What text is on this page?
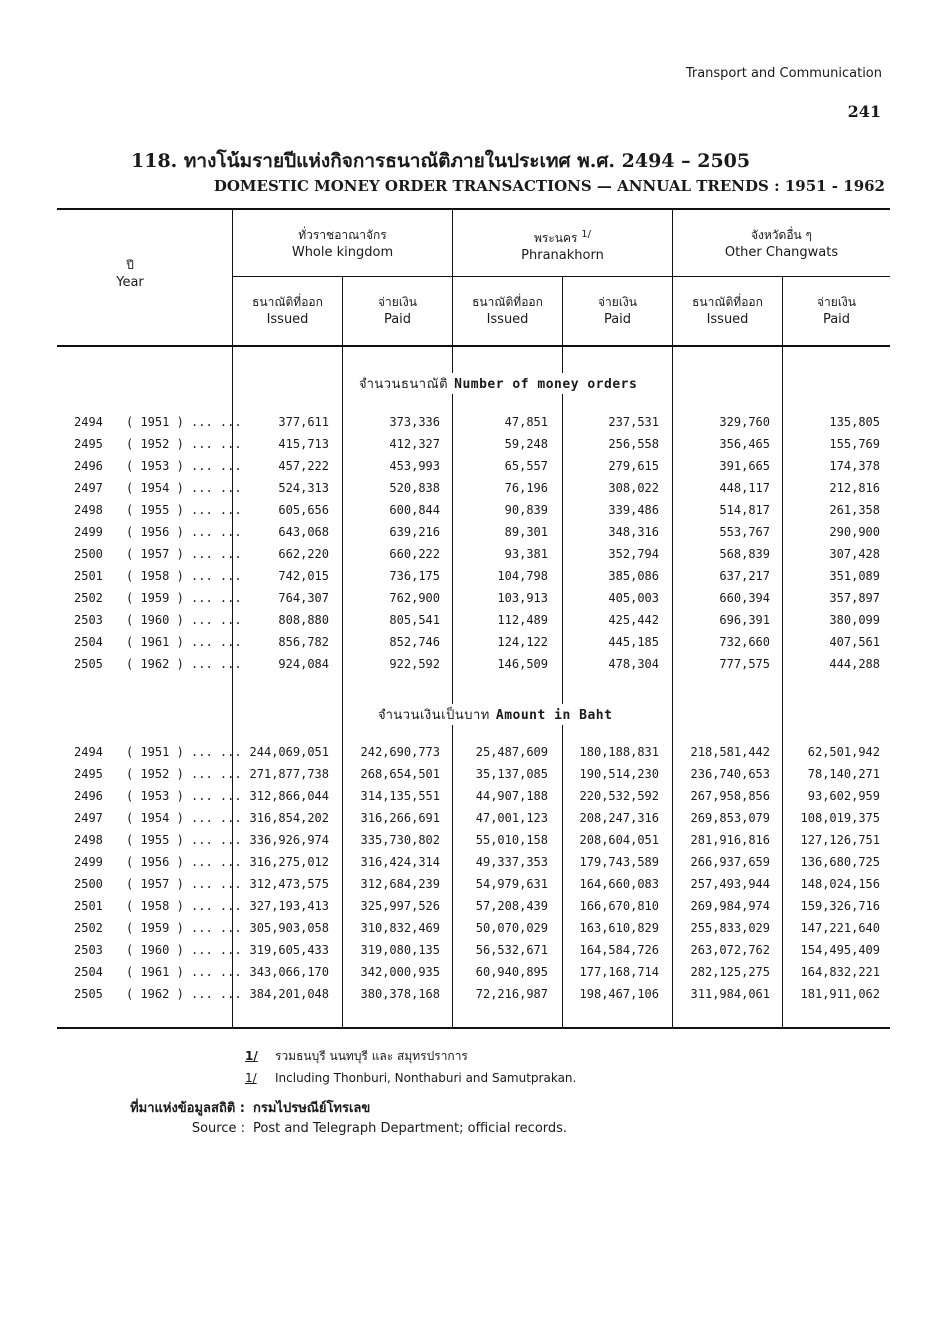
Transport and Communication
241
118. ทางโน้มรายปีแห่งกิจการธนาณัติภายในประเทศ พ.ศ. 2494 – 2505
DOMESTIC MONEY ORDER TRANSACTIONS — ANNUAL TRENDS : 1951 - 1962
ปี
Year
ทั่วราชอาณาจักร
Whole kingdom
พระนคร $^{1/}$
Phranakhorn
จังหวัดอื่น ๆ
Other Changwats
ธนาณัติที่ออก
Issued
จ่ายเงิน
Paid
ธนาณัติที่ออก
Issued
จ่ายเงิน
Paid
ธนาณัติที่ออก
Issued
จ่ายเงิน
Paid
จำนวนธนาณัติ Number of money orders
จำนวนเงินเป็นบาท Amount in Baht
2494 ( 1951 ) ... ...	377,611	373,336	47,851	237,531	329,760	135,805
2495 ( 1952 ) ... ...	415,713	412,327	59,248	256,558	356,465	155,769
2496 ( 1953 ) ... ...	457,222	453,993	65,557	279,615	391,665	174,378
2497 ( 1954 ) ... ...	524,313	520,838	76,196	308,022	448,117	212,816
2498 ( 1955 ) ... ...	605,656	600,844	90,839	339,486	514,817	261,358
2499 ( 1956 ) ... ...	643,068	639,216	89,301	348,316	553,767	290,900
2500 ( 1957 ) ... ...	662,220	660,222	93,381	352,794	568,839	307,428
2501 ( 1958 ) ... ...	742,015	736,175	104,798	385,086	637,217	351,089
2502 ( 1959 ) ... ...	764,307	762,900	103,913	405,003	660,394	357,897
2503 ( 1960 ) ... ...	808,880	805,541	112,489	425,442	696,391	380,099
2504 ( 1961 ) ... ...	856,782	852,746	124,122	445,185	732,660	407,561
2505 ( 1962 ) ... ...	924,084	922,592	146,509	478,304	777,575	444,288
2494 ( 1951 ) ... ... 244,069,051	242,690,773	25,487,609	180,188,831	218,581,442	62,501,942
2495 ( 1952 ) ... ... 271,877,738	268,654,501	35,137,085	190,514,230	236,740,653	78,140,271
2496 ( 1953 ) ... ... 312,866,044	314,135,551	44,907,188	220,532,592	267,958,856	93,602,959
2497 ( 1954 ) ... ... 316,854,202	316,266,691	47,001,123	208,247,316	269,853,079	108,019,375
2498 ( 1955 ) ... ... 336,926,974	335,730,802	55,010,158	208,604,051	281,916,816	127,126,751
2499 ( 1956 ) ... ... 316,275,012	316,424,314	49,337,353	179,743,589	266,937,659	136,680,725
2500 ( 1957 ) ... ... 312,473,575	312,684,239	54,979,631	164,660,083	257,493,944	148,024,156
2501 ( 1958 ) ... ... 327,193,413	325,997,526	57,208,439	166,670,810	269,984,974	159,326,716
2502 ( 1959 ) ... ... 305,903,058	310,832,469	50,070,029	163,610,829	255,833,029	147,221,640
2503 ( 1960 ) ... ... 319,605,433	319,080,135	56,532,671	164,584,726	263,072,762	154,495,409
2504 ( 1961 ) ... ... 343,066,170	342,000,935	60,940,895	177,168,714	282,125,275	164,832,221
2505 ( 1962 ) ... ... 384,201,048	380,378,168	72,216,987	198,467,106	311,984,061	181,911,062
1/ รวมธนบุรี นนทบุรี และ สมุทรปราการ
1/ Including Thonburi, Nonthaburi and Samutprakan.
ที่มาแห่งข้อมูลสถิติ : กรมไปรษณีย์โทรเลข
Source : Post and Telegraph Department; official records.
